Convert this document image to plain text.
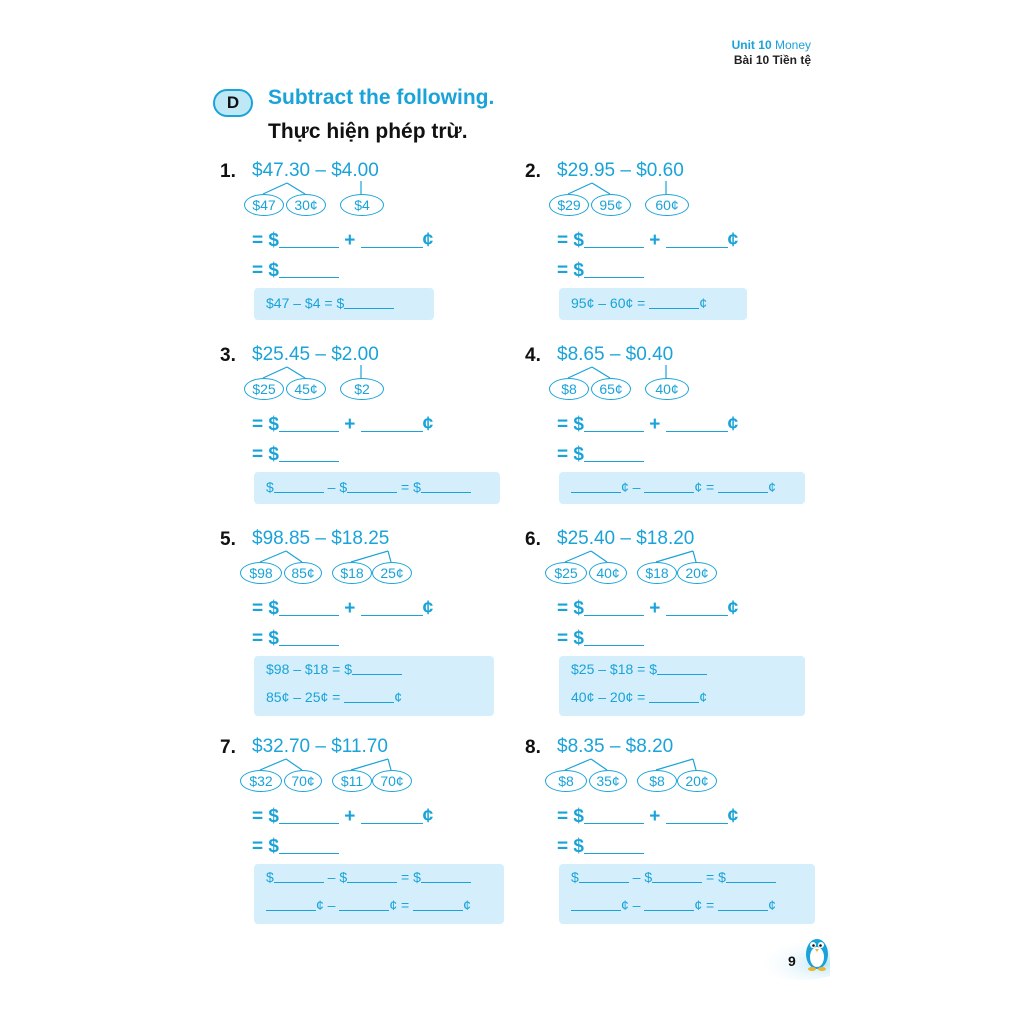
Unit 10 Money
Bài 10 Tiền tệ
D	Subtract the following.
Thực hiện phép trừ.
1. $47.30 – $4.00
$47	30¢	$4
= $	+	¢
= $
$47 – $4 = $
2. $29.95 – $0.60
$29	95¢	60¢
= $	+	¢
= $
95¢ – 60¢ =	¢
3. $25.45 – $2.00
$25	45¢	$2
= $	+	¢
= $
$	– $	= $
4. $8.65 – $0.40
$8	65¢	40¢
= $	+	¢
= $
¢ –	¢ =	¢
5. $98.85 – $18.25
$98	85¢	$18	25¢
= $	+	¢
= $
$98 – $18 = $
85¢ – 25¢ =	¢
6. $25.40 – $18.20
$25	40¢	$18	20¢
= $	+	¢
= $
$25 – $18 = $
40¢ – 20¢ =	¢
7. $32.70 – $11.70
$32	70¢	$11	70¢
= $	+	¢
= $
$	– $	= $
¢ –	¢ =	¢
8. $8.35 – $8.20
$8	35¢	$8	20¢
= $	+	¢
= $
$	– $	= $
¢ –	¢ =	¢
9
